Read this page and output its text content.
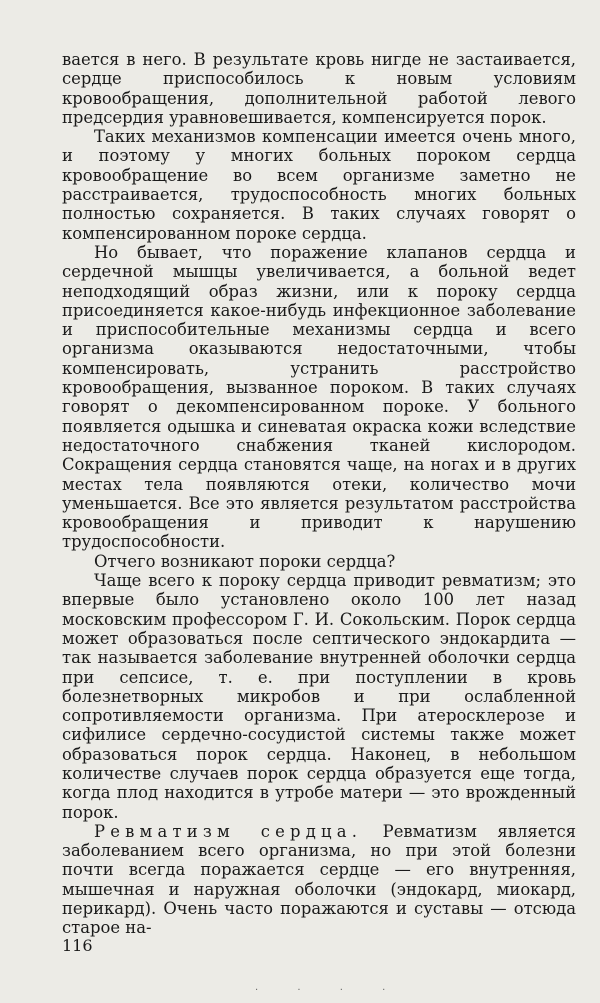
вается в него. В результате кровь нигде не застаивается, сердце приспособилось к новым условиям кровообращения, дополнительной работой левого предсердия уравновешивается, компенсируется порок.

Таких механизмов компенсации имеется очень много, и поэтому у многих больных пороком сердца кровообращение во всем организме заметно не расстраивается, трудоспособность многих больных полностью сохраняется. В таких случаях говорят о компенсированном пороке сердца.

Но бывает, что поражение клапанов сердца и сердечной мышцы увеличивается, а больной ведет неподходящий образ жизни, или к пороку сердца присоединяется какое-нибудь инфекционное заболевание и приспособительные механизмы сердца и всего организма оказываются недостаточными, чтобы компенсировать, устранить расстройство кровообращения, вызванное пороком. В таких случаях говорят о декомпенсированном пороке. У больного появляется одышка и синеватая окраска кожи вследствие недостаточного снабжения тканей кислородом. Сокращения сердца становятся чаще, на ногах и в других местах тела появляются отеки, количество мочи уменьшается. Все это является результатом расстройства кровообращения и приводит к нарушению трудоспособности.

Отчего возникают пороки сердца?

Чаще всего к пороку сердца приводит ревматизм; это впервые было установлено около 100 лет назад московским профессором Г. И. Сокольским. Порок сердца может образоваться после септического эндокардита — так называется заболевание внутренней оболочки сердца при сепсисе, т. е. при поступлении в кровь болезнетворных микробов и при ослабленной сопротивляемости организма. При атеросклерозе и сифилисе сердечно-сосудистой системы также может образоваться порок сердца. Наконец, в небольшом количестве случаев порок сердца образуется еще тогда, когда плод находится в утробе матери — это врожденный порок.

Ревматизм сердца. Ревматизм является заболеванием всего организма, но при этой болезни почти всегда поражается сердце — его внутренняя, мышечная и наружная оболочки (эндокард, миокард, перикард). Очень часто поражаются и суставы — отсюда старое на-

116
· · · ·
